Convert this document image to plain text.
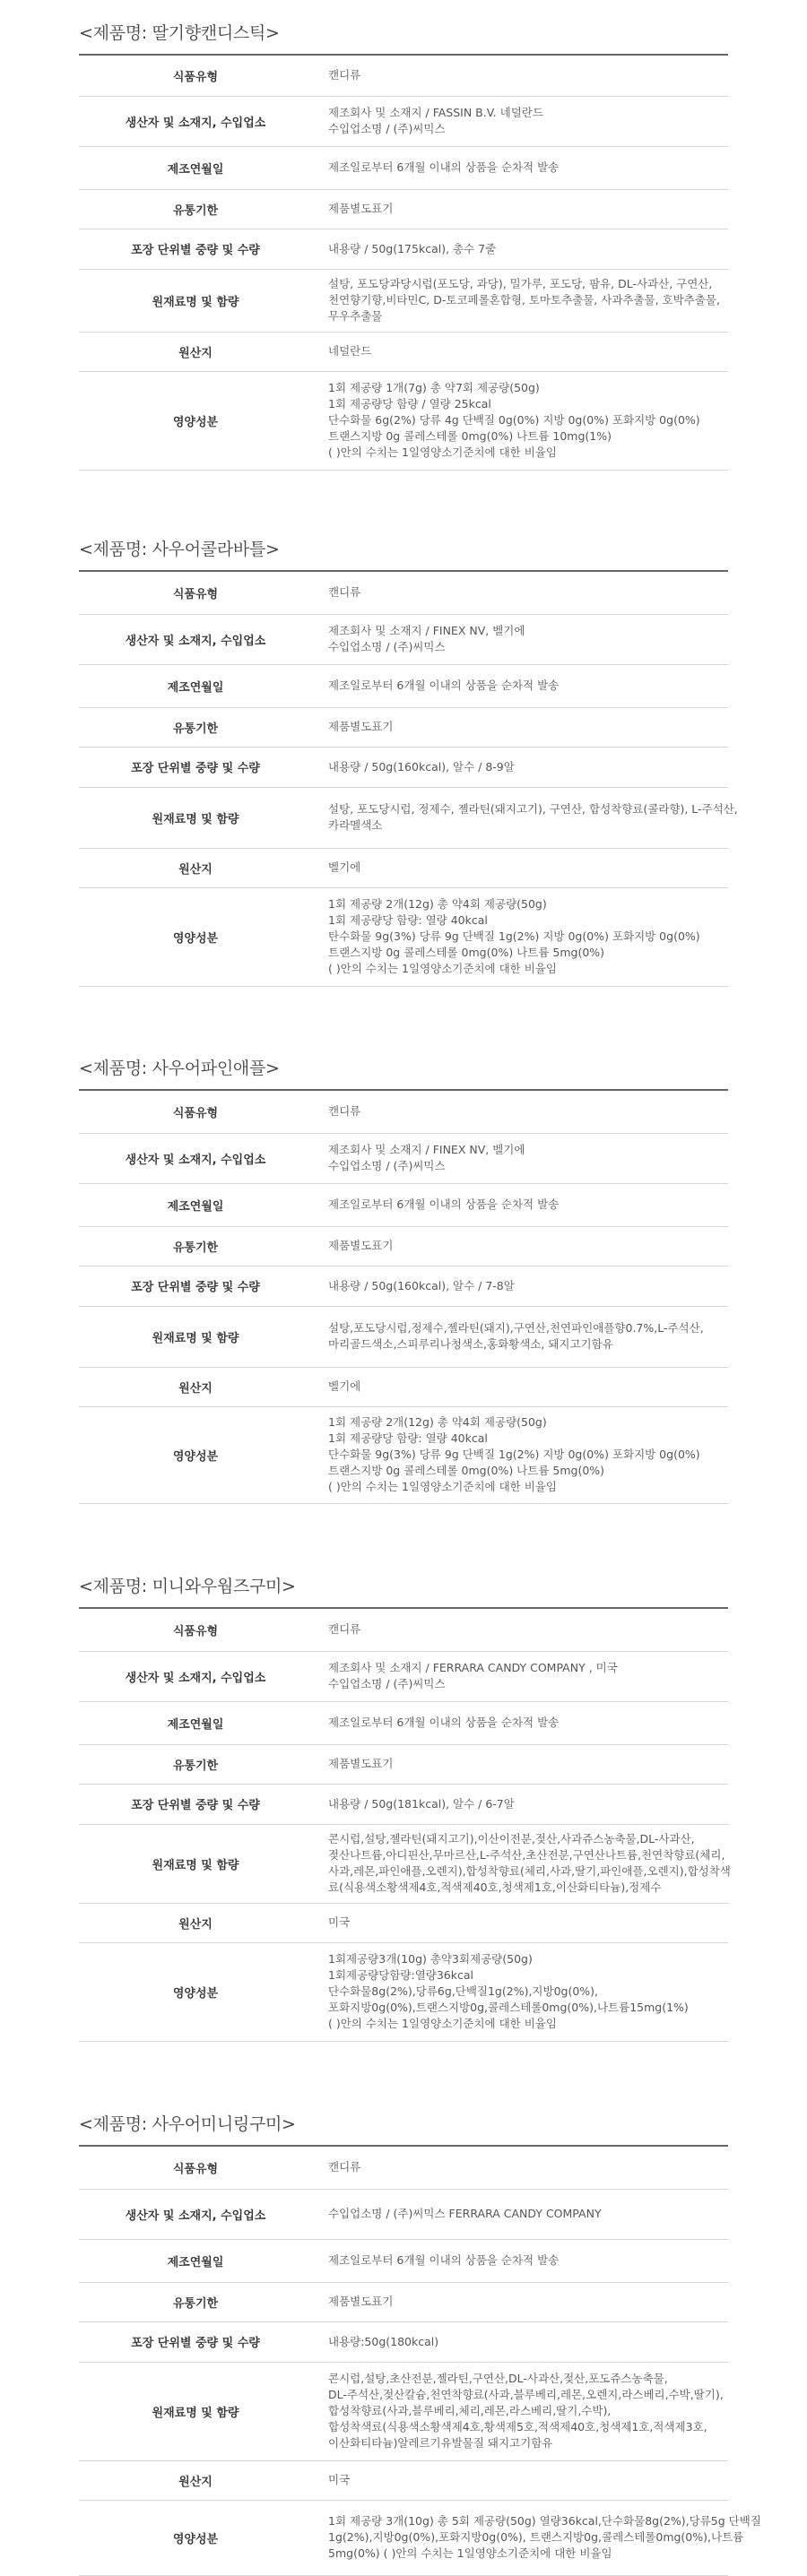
<제품명: 딸기향캔디스틱>
식품유형	캔디류

생산자 및 소재지, 수입업소	제조회사 및 소재지 / FASSIN B.V. 네덜란드
수입업소명 / (주)씨믹스

제조연월일	제조일로부터 6개월 이내의 상품을 순차적 발송

유통기한	제품별도표기

포장 단위별 중량 및 수량	내용량 / 50g(175kcal), 총수 7줄

원재료명 및 함량	설탕, 포도당과당시럽(포도당, 과당), 밀가루, 포도당, 팜유, DL-사과산, 구연산,
천연향기향,비타민C, D-토코페롤혼합형, 토마토추출물, 사과추출물, 호박추출물,
무우추출물

원산지	네덜란드

영양성분	1회 제공량 1개(7g) 총 약7회 제공량(50g)
1회 제공량당 함량 / 열량 25kcal
단수화물 6g(2%) 당류 4g 단백질 0g(0%) 지방 0g(0%) 포화지방 0g(0%)
트랜스지방 0g 콜레스테롤 0mg(0%) 나트륨 10mg(1%)
( )안의 수치는 1일영양소기준치에 대한 비율임
<제품명: 사우어콜라바틀>
식품유형	캔디류

생산자 및 소재지, 수입업소	제조회사 및 소재지 / FINEX NV, 벨기에
수입업소명 / (주)씨믹스

제조연월일	제조일로부터 6개월 이내의 상품을 순차적 발송

유통기한	제품별도표기

포장 단위별 중량 및 수량	내용량 / 50g(160kcal), 알수 / 8-9알

원재료명 및 함량	설탕, 포도당시럽, 정제수, 젤라틴(돼지고기), 구연산, 합성착향료(콜라향), L-주석산,
카라멜색소

원산지	벨기에

영양성분	1회 제공량 2개(12g) 총 약4회 제공량(50g)
1회 제공량당 함량: 열량 40kcal
탄수화물 9g(3%) 당류 9g 단백질 1g(2%) 지방 0g(0%) 포화지방 0g(0%)
트랜스지방 0g 콜레스테롤 0mg(0%) 나트륨 5mg(0%)
( )안의 수치는 1일영양소기준치에 대한 비율임
<제품명: 사우어파인애플>
식품유형	캔디류

생산자 및 소재지, 수입업소	제조회사 및 소재지 / FINEX NV, 벨기에
수입업소명 / (주)씨믹스

제조연월일	제조일로부터 6개월 이내의 상품을 순차적 발송

유통기한	제품별도표기

포장 단위별 중량 및 수량	내용량 / 50g(160kcal), 알수 / 7-8알

원재료명 및 함량	설탕,포도당시럽,정제수,젤라틴(돼지),구연산,천연파인애플향0.7%,L-주석산,
마리골드색소,스피루리나청색소,홍화황색소, 돼지고기함유

원산지	벨기에

영양성분	1회 제공량 2개(12g) 총 약4회 제공량(50g)
1회 제공량당 함량: 열량 40kcal
단수화물 9g(3%) 당류 9g 단백질 1g(2%) 지방 0g(0%) 포화지방 0g(0%)
트랜스지방 0g 콜레스테롤 0mg(0%) 나트륨 5mg(0%)
( )안의 수치는 1일영양소기준치에 대한 비율임
<제품명: 미니와우웜즈구미>
식품유형	캔디류

생산자 및 소재지, 수입업소	제조회사 및 소재지 / FERRARA CANDY COMPANY , 미국
수입업소명 / (주)씨믹스

제조연월일	제조일로부터 6개월 이내의 상품을 순차적 발송

유통기한	제품별도표기

포장 단위별 중량 및 수량	내용량 / 50g(181kcal), 알수 / 6-7알

원재료명 및 함량	콘시럽,설탕,젤라틴(돼지고기),이산이전분,젖산,사과쥬스농축물,DL-사과산,
젖산나트륨,아디핀산,무마르산,L-주석산,초산전분,구연산나트륨,천연착향료(체리,
사과,레몬,파인애플,오렌지),합성착향료(체리,사과,딸기,파인애플,오렌지),합성착색
료(식용색소황색제4호,적색제40호,청색제1호,이산화티타늄),정제수

원산지	미국

영양성분	1회제공량3개(10g) 총약3회제공량(50g)
1회제공량당함량:열량36kcal
단수화물8g(2%),당류6g,단백질1g(2%),지방0g(0%),
포화지방0g(0%),트랜스지방0g,콜레스테롤0mg(0%),나트륨15mg(1%)
( )안의 수치는 1일영양소기준치에 대한 비율임
<제품명: 사우어미니링구미>
식품유형	캔디류

생산자 및 소재지, 수입업소	수입업소명 / (주)씨믹스 FERRARA CANDY COMPANY

제조연월일	제조일로부터 6개월 이내의 상품을 순차적 발송

유통기한	제품별도표기

포장 단위별 중량 및 수량	내용량:50g(180kcal)

원재료명 및 함량	콘시럽,설탕,초산전분,젤라틴,구연산,DL-사과산,젖산,포도쥬스농축물,
DL-주석산,젖산칼슘,천연착향료(사과,블루베리,레몬,오렌지,라스베리,수박,딸기),
합성착향료(사과,블루베리,체리,레몬,라스베리,딸기,수박),
합성착색료(식용색소황색제4호,황색제5호,적색제40호,청색제1호,적색제3호,
이산화티타늄)알레르기유발물질 돼지고기함유

원산지	미국

영양성분	1회 제공량 3개(10g) 총 5회 제공량(50g) 열량36kcal,단수화물8g(2%),당류5g 단백질
1g(2%),지방0g(0%),포화지방0g(0%), 트랜스지방0g,콜레스테롤0mg(0%),나트륨
5mg(0%) ( )안의 수치는 1일영양소기준치에 대한 비율임
